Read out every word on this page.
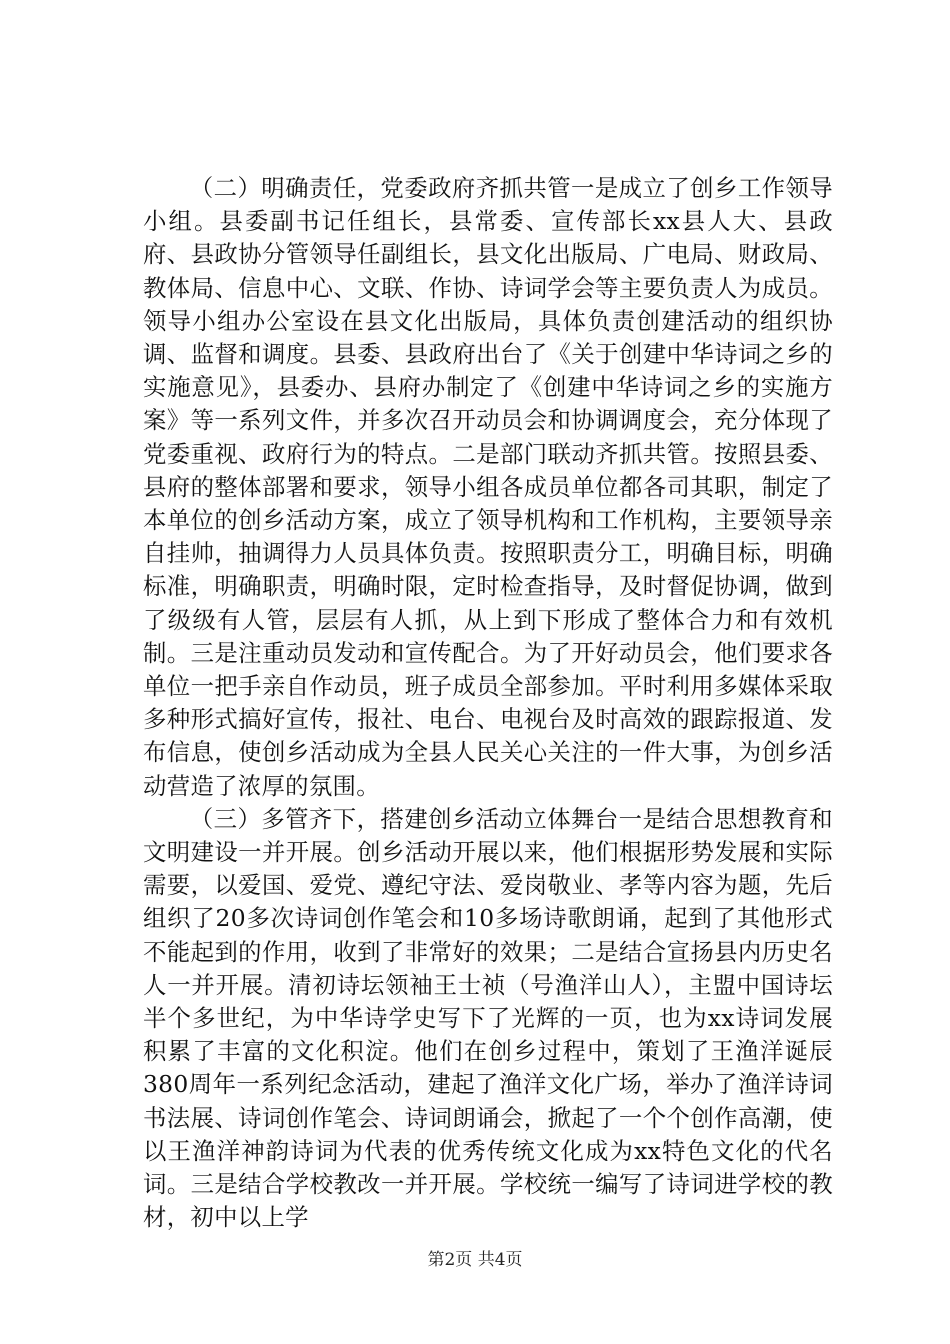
（二）明确责任，党委政府齐抓共管一是成立了创乡工作领导小组。县委副书记任组长，县常委、宣传部长xx县人大、县政府、县政协分管领导任副组长，县文化出版局、广电局、财政局、教体局、信息中心、文联、作协、诗词学会等主要负责人为成员。领导小组办公室设在县文化出版局，具体负责创建活动的组织协调、监督和调度。县委、县政府出台了《关于创建中华诗词之乡的实施意见》，县委办、县府办制定了《创建中华诗词之乡的实施方案》等一系列文件，并多次召开动员会和协调调度会，充分体现了党委重视、政府行为的特点。二是部门联动齐抓共管。按照县委、县府的整体部署和要求，领导小组各成员单位都各司其职，制定了本单位的创乡活动方案，成立了领导机构和工作机构，主要领导亲自挂帅，抽调得力人员具体负责。按照职责分工，明确目标，明确标准，明确职责，明确时限，定时检查指导，及时督促协调，做到了级级有人管，层层有人抓，从上到下形成了整体合力和有效机制。三是注重动员发动和宣传配合。为了开好动员会，他们要求各单位一把手亲自作动员，班子成员全部参加。平时利用多媒体采取多种形式搞好宣传，报社、电台、电视台及时高效的跟踪报道、发布信息，使创乡活动成为全县人民关心关注的一件大事，为创乡活动营造了浓厚的氛围。

（三）多管齐下，搭建创乡活动立体舞台一是结合思想教育和文明建设一并开展。创乡活动开展以来，他们根据形势发展和实际需要，以爱国、爱党、遵纪守法、爱岗敬业、孝等内容为题，先后组织了20多次诗词创作笔会和10多场诗歌朗诵，起到了其他形式不能起到的作用，收到了非常好的效果；二是结合宣扬县内历史名人一并开展。清初诗坛领袖王士祯（号渔洋山人），主盟中国诗坛半个多世纪，为中华诗学史写下了光辉的一页，也为xx诗词发展积累了丰富的文化积淀。他们在创乡过程中，策划了王渔洋诞辰380周年一系列纪念活动，建起了渔洋文化广场，举办了渔洋诗词书法展、诗词创作笔会、诗词朗诵会，掀起了一个个创作高潮，使以王渔洋神韵诗词为代表的优秀传统文化成为xx特色文化的代名词。三是结合学校教改一并开展。学校统一编写了诗词进学校的教材，初中以上学

第2页 共4页
